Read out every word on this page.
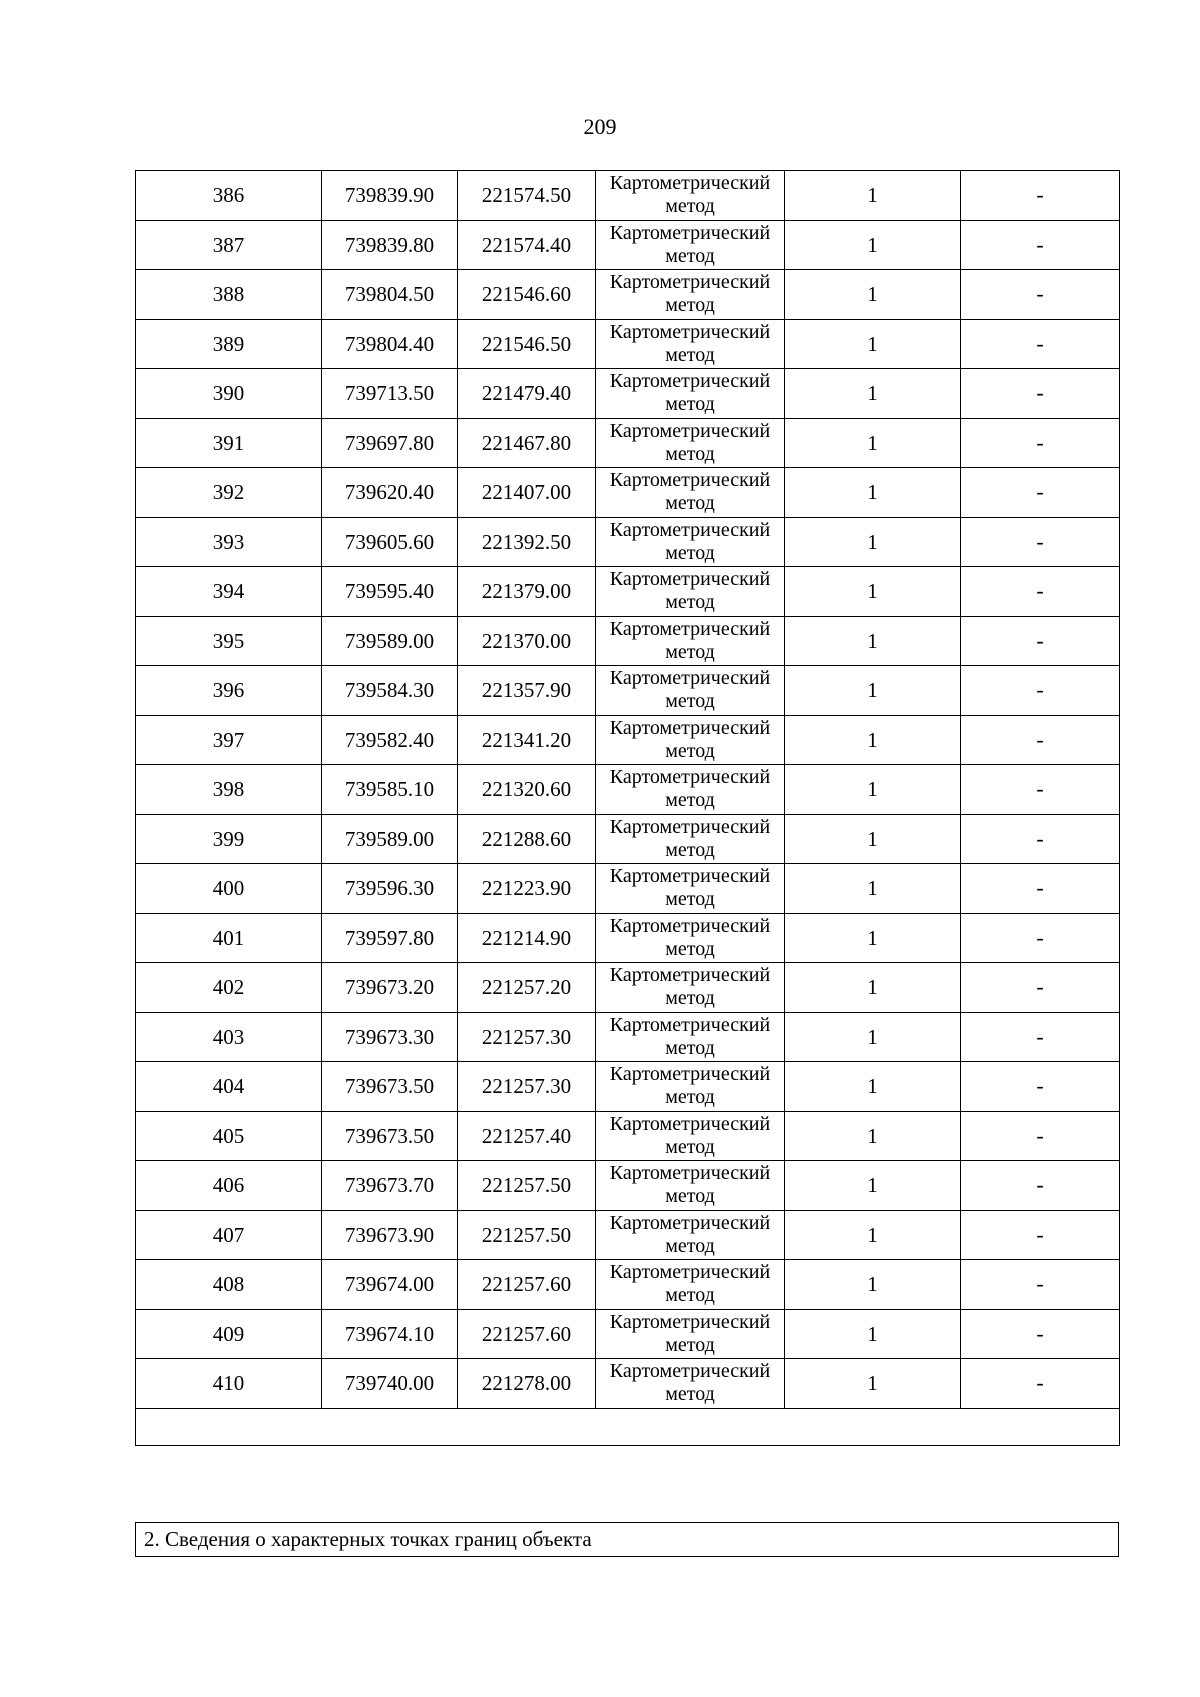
209
386	739839.90	221574.50	Картометрический метод	1	-
387	739839.80	221574.40	Картометрический метод	1	-
388	739804.50	221546.60	Картометрический метод	1	-
389	739804.40	221546.50	Картометрический метод	1	-
390	739713.50	221479.40	Картометрический метод	1	-
391	739697.80	221467.80	Картометрический метод	1	-
392	739620.40	221407.00	Картометрический метод	1	-
393	739605.60	221392.50	Картометрический метод	1	-
394	739595.40	221379.00	Картометрический метод	1	-
395	739589.00	221370.00	Картометрический метод	1	-
396	739584.30	221357.90	Картометрический метод	1	-
397	739582.40	221341.20	Картометрический метод	1	-
398	739585.10	221320.60	Картометрический метод	1	-
399	739589.00	221288.60	Картометрический метод	1	-
400	739596.30	221223.90	Картометрический метод	1	-
401	739597.80	221214.90	Картометрический метод	1	-
402	739673.20	221257.20	Картометрический метод	1	-
403	739673.30	221257.30	Картометрический метод	1	-
404	739673.50	221257.30	Картометрический метод	1	-
405	739673.50	221257.40	Картометрический метод	1	-
406	739673.70	221257.50	Картометрический метод	1	-
407	739673.90	221257.50	Картометрический метод	1	-
408	739674.00	221257.60	Картометрический метод	1	-
409	739674.10	221257.60	Картометрический метод	1	-
410	739740.00	221278.00	Картометрический метод	1	-

2. Сведения о характерных точках границ объекта
